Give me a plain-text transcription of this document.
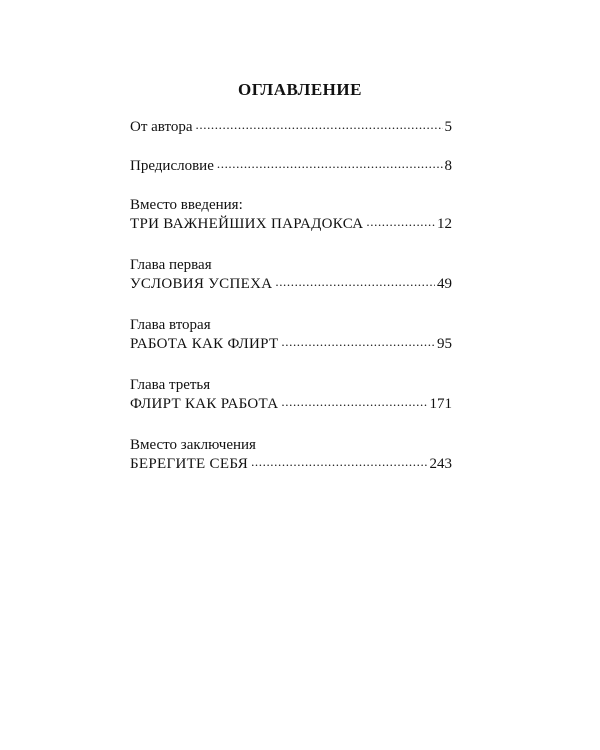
ОГЛАВЛЕНИЕ
От автора .....	5
Предисловие .....	8
Вместо введения:
ТРИ ВАЖНЕЙШИХ ПАРАДОКСА .....	12
Глава первая
УСЛОВИЯ УСПЕХА .....	49
Глава вторая
РАБОТА КАК ФЛИРТ .....	95
Глава третья
ФЛИРТ КАК РАБОТА .....	171
Вместо заключения
БЕРЕГИТЕ СЕБЯ .....	243
